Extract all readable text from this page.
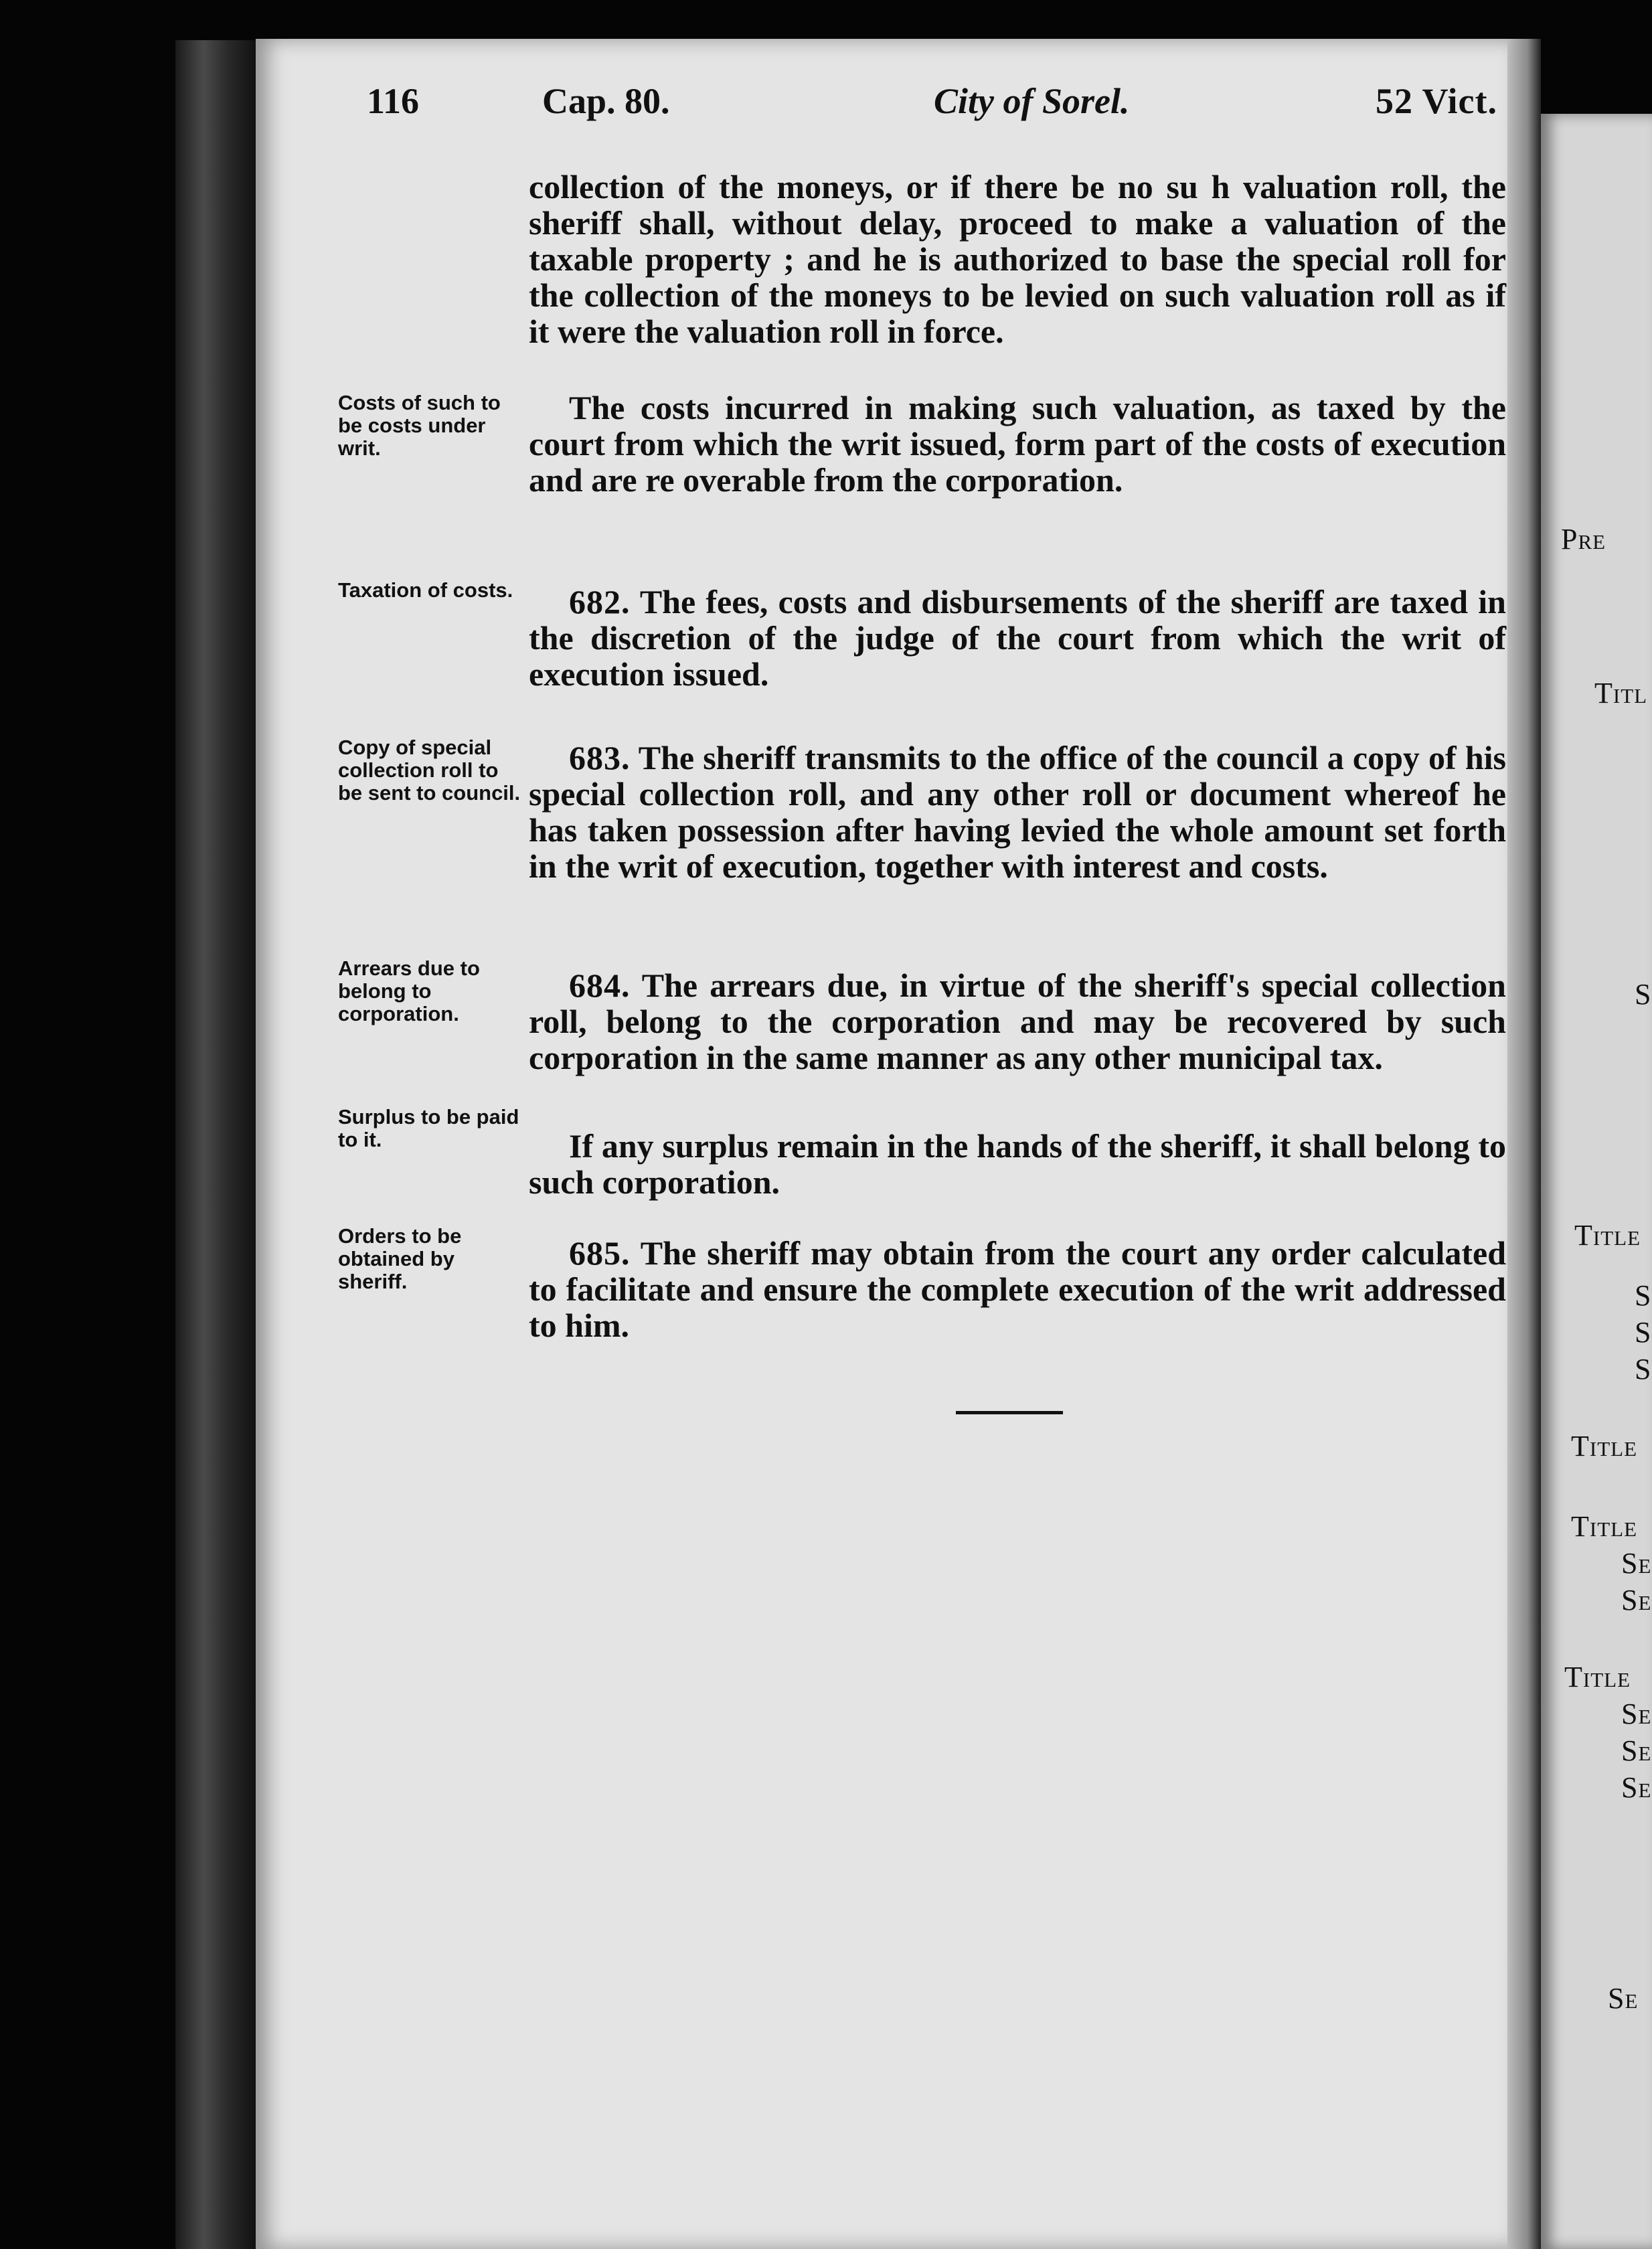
116	Cap. 80.	City of Sorel.	52 Vict.
collection of the moneys, or if there be no su h valuation roll, the sheriff shall, without delay, proceed to make a valuation of the taxable property ; and he is authorized to base the special roll for the collection of the moneys to be levied on such valuation roll as if it were the valuation roll in force.
The costs incurred in making such valuation, as taxed by the court from which the writ issued, form part of the costs of execution and are re overable from the corporation.
682. The fees, costs and disbursements of the sheriff are taxed in the discretion of the judge of the court from which the writ of execution issued.
683. The sheriff transmits to the office of the council a copy of his special collection roll, and any other roll or document whereof he has taken possession after having levied the whole amount set forth in the writ of execution, together with interest and costs.
684. The arrears due, in virtue of the sheriff's special collection roll, belong to the corporation and may be recovered by such corporation in the same manner as any other municipal tax.
If any surplus remain in the hands of the sheriff, it shall belong to such corporation.
685. The sheriff may obtain from the court any order calculated to facilitate and ensure the complete execution of the writ addressed to him.
Costs of such to be costs under writ.
Taxation of costs.
Copy of special collection roll to be sent to council.
Arrears due to belong to corporation.
Surplus to be paid to it.
Orders to be obtained by sheriff.
Pre
Titl
S
Title
S
S
S
Title
Title
Se
Se
Title
Se
Se
Se
Se
